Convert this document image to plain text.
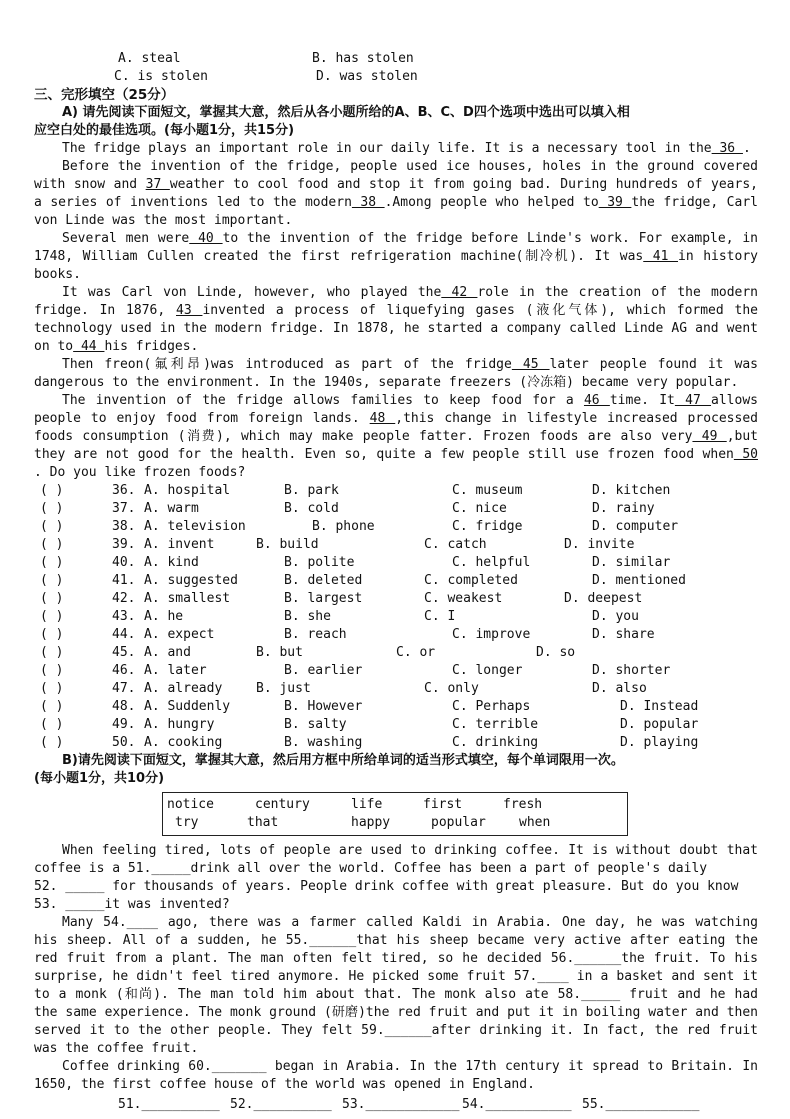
A. steal	B. has stolen
C. is stolen	D. was stolen
三、完形填空（25分）
A) 请先阅读下面短文，掌握其大意，然后从各小题所给的A、B、C、D四个选项中选出可以填入相
应空白处的最佳选项。(每小题1分，共15分)

The fridge plays an important role in our daily life. It is a necessary tool in the 36 .

Before the invention of the fridge, people used ice houses, holes in the ground covered with snow and 37 weather to cool food and stop it from going bad. During hundreds of years, a series of inventions led to the modern 38 .Among people who helped to 39 the fridge, Carl von Linde was the most important.

Several men were 40 to the invention of the fridge before Linde's work. For example, in 1748, William Cullen created the first refrigeration machine(制冷机). It was 41 in history books.

It was Carl von Linde, however, who played the 42 role in the creation of the modern fridge. In 1876, 43 invented a process of liquefying gases (液化气体), which formed the technology used in the modern fridge. In 1878, he started a company called Linde AG and went on to 44 his fridges.

Then freon(氟利昂)was introduced as part of the fridge 45 later people found it was dangerous to the environment. In the 1940s, separate freezers (冷冻箱) became very popular.

The invention of the fridge allows families to keep food for a 46 time. It 47 allows people to enjoy food from foreign lands. 48 ,this change in lifestyle increased processed foods consumption (消费), which may make people fatter. Frozen foods are also very 49 ,but they are not good for the health. Even so, quite a few people still use frozen food when 50 . Do you like frozen foods?

( )	36. A. hospital	B. park	C. museum	D. kitchen
( )	37. A. warm	B. cold	C. nice	D. rainy
( )	38. A. television	B. phone	C. fridge	D. computer
( )	39. A. invent	B. build	C. catch	D. invite
( )	40. A. kind	B. polite	C. helpful	D. similar
( )	41. A. suggested	B. deleted	C. completed	D. mentioned
( )	42. A. smallest	B. largest	C. weakest	D. deepest
( )	43. A. he	B. she	C. I	D. you
( )	44. A. expect	B. reach	C. improve	D. share
( )	45. A. and	B. but	C. or	D. so
( )	46. A. later	B. earlier	C. longer	D. shorter
( )	47. A. already	B. just	C. only	D. also
( )	48. A. Suddenly	B. However	C. Perhaps	D. Instead
( )	49. A. hungry	B. salty	C. terrible	D. popular
( )	50. A. cooking	B. washing	C. drinking	D. playing
B)请先阅读下面短文，掌握其大意，然后用方框中所给单词的适当形式填空，每个单词限用一次。
(每小题1分，共10分)
notice	century	life	first	fresh
try	that	happy	popular	when

When feeling tired, lots of people are used to drinking coffee. It is without doubt that coffee is a 51._____drink all over the world. Coffee has been a part of people's daily
52. _____ for thousands of years. People drink coffee with great pleasure. But do you know
53. _____it was invented?

Many 54.____ ago, there was a farmer called Kaldi in Arabia. One day, he was watching his sheep. All of a sudden, he 55.______that his sheep became very active after eating the red fruit from a plant. The man often felt tired, so he decided 56.______the fruit. To his surprise, he didn't feel tired anymore. He picked some fruit 57.____ in a basket and sent it to a monk (和尚). The man told him about that. The monk also ate 58._____ fruit and he had the same experience. The monk ground (研磨)the red fruit and put it in boiling water and then served it to the other people. They felt 59.______after drinking it. In fact, the red fruit was the coffee fruit.

Coffee drinking 60._______ began in Arabia. In the 17th century it spread to Britain. In 1650, the first coffee house of the world was opened in England.

51.__________ 52.__________ 53.____________ 54.___________ 55.____________
